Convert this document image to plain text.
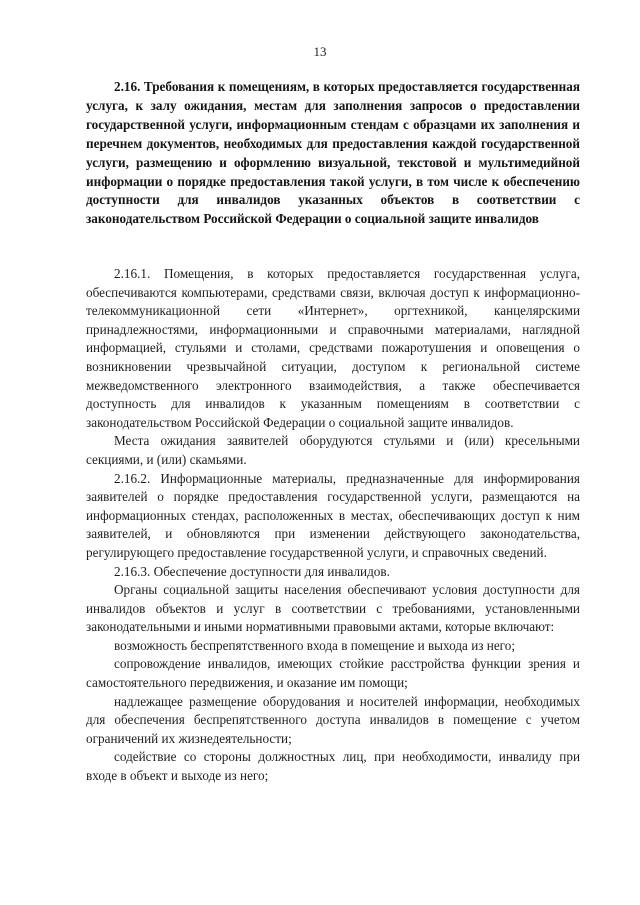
13
2.16. Требования к помещениям, в которых предоставляется государственная услуга, к залу ожидания, местам для заполнения запросов о предоставлении государственной услуги, информационным стендам с образцами их заполнения и перечнем документов, необходимых для предоставления каждой государственной услуги, размещению и оформлению визуальной, текстовой и мультимедийной информации о порядке предоставления такой услуги, в том числе к обеспечению доступности для инвалидов указанных объектов в соответствии с законодательством Российской Федерации о социальной защите инвалидов

2.16.1. Помещения, в которых предоставляется государственная услуга, обеспечиваются компьютерами, средствами связи, включая доступ к информационно-телекоммуникационной сети «Интернет», оргтехникой, канцелярскими принадлежностями, информационными и справочными материалами, наглядной информацией, стульями и столами, средствами пожаротушения и оповещения о возникновении чрезвычайной ситуации, доступом к региональной системе межведомственного электронного взаимодействия, а также обеспечивается доступность для инвалидов к указанным помещениям в соответствии с законодательством Российской Федерации о социальной защите инвалидов.

Места ожидания заявителей оборудуются стульями и (или) кресельными секциями, и (или) скамьями.

2.16.2. Информационные материалы, предназначенные для информирования заявителей о порядке предоставления государственной услуги, размещаются на информационных стендах, расположенных в местах, обеспечивающих доступ к ним заявителей, и обновляются при изменении действующего законодательства, регулирующего предоставление государственной услуги, и справочных сведений.

2.16.3. Обеспечение доступности для инвалидов.

Органы социальной защиты населения обеспечивают условия доступности для инвалидов объектов и услуг в соответствии с требованиями, установленными законодательными и иными нормативными правовыми актами, которые включают:

возможность беспрепятственного входа в помещение и выхода из него;

сопровождение инвалидов, имеющих стойкие расстройства функции зрения и самостоятельного передвижения, и оказание им помощи;

надлежащее размещение оборудования и носителей информации, необходимых для обеспечения беспрепятственного доступа инвалидов в помещение с учетом ограничений их жизнедеятельности;

содействие со стороны должностных лиц, при необходимости, инвалиду при входе в объект и выходе из него;
